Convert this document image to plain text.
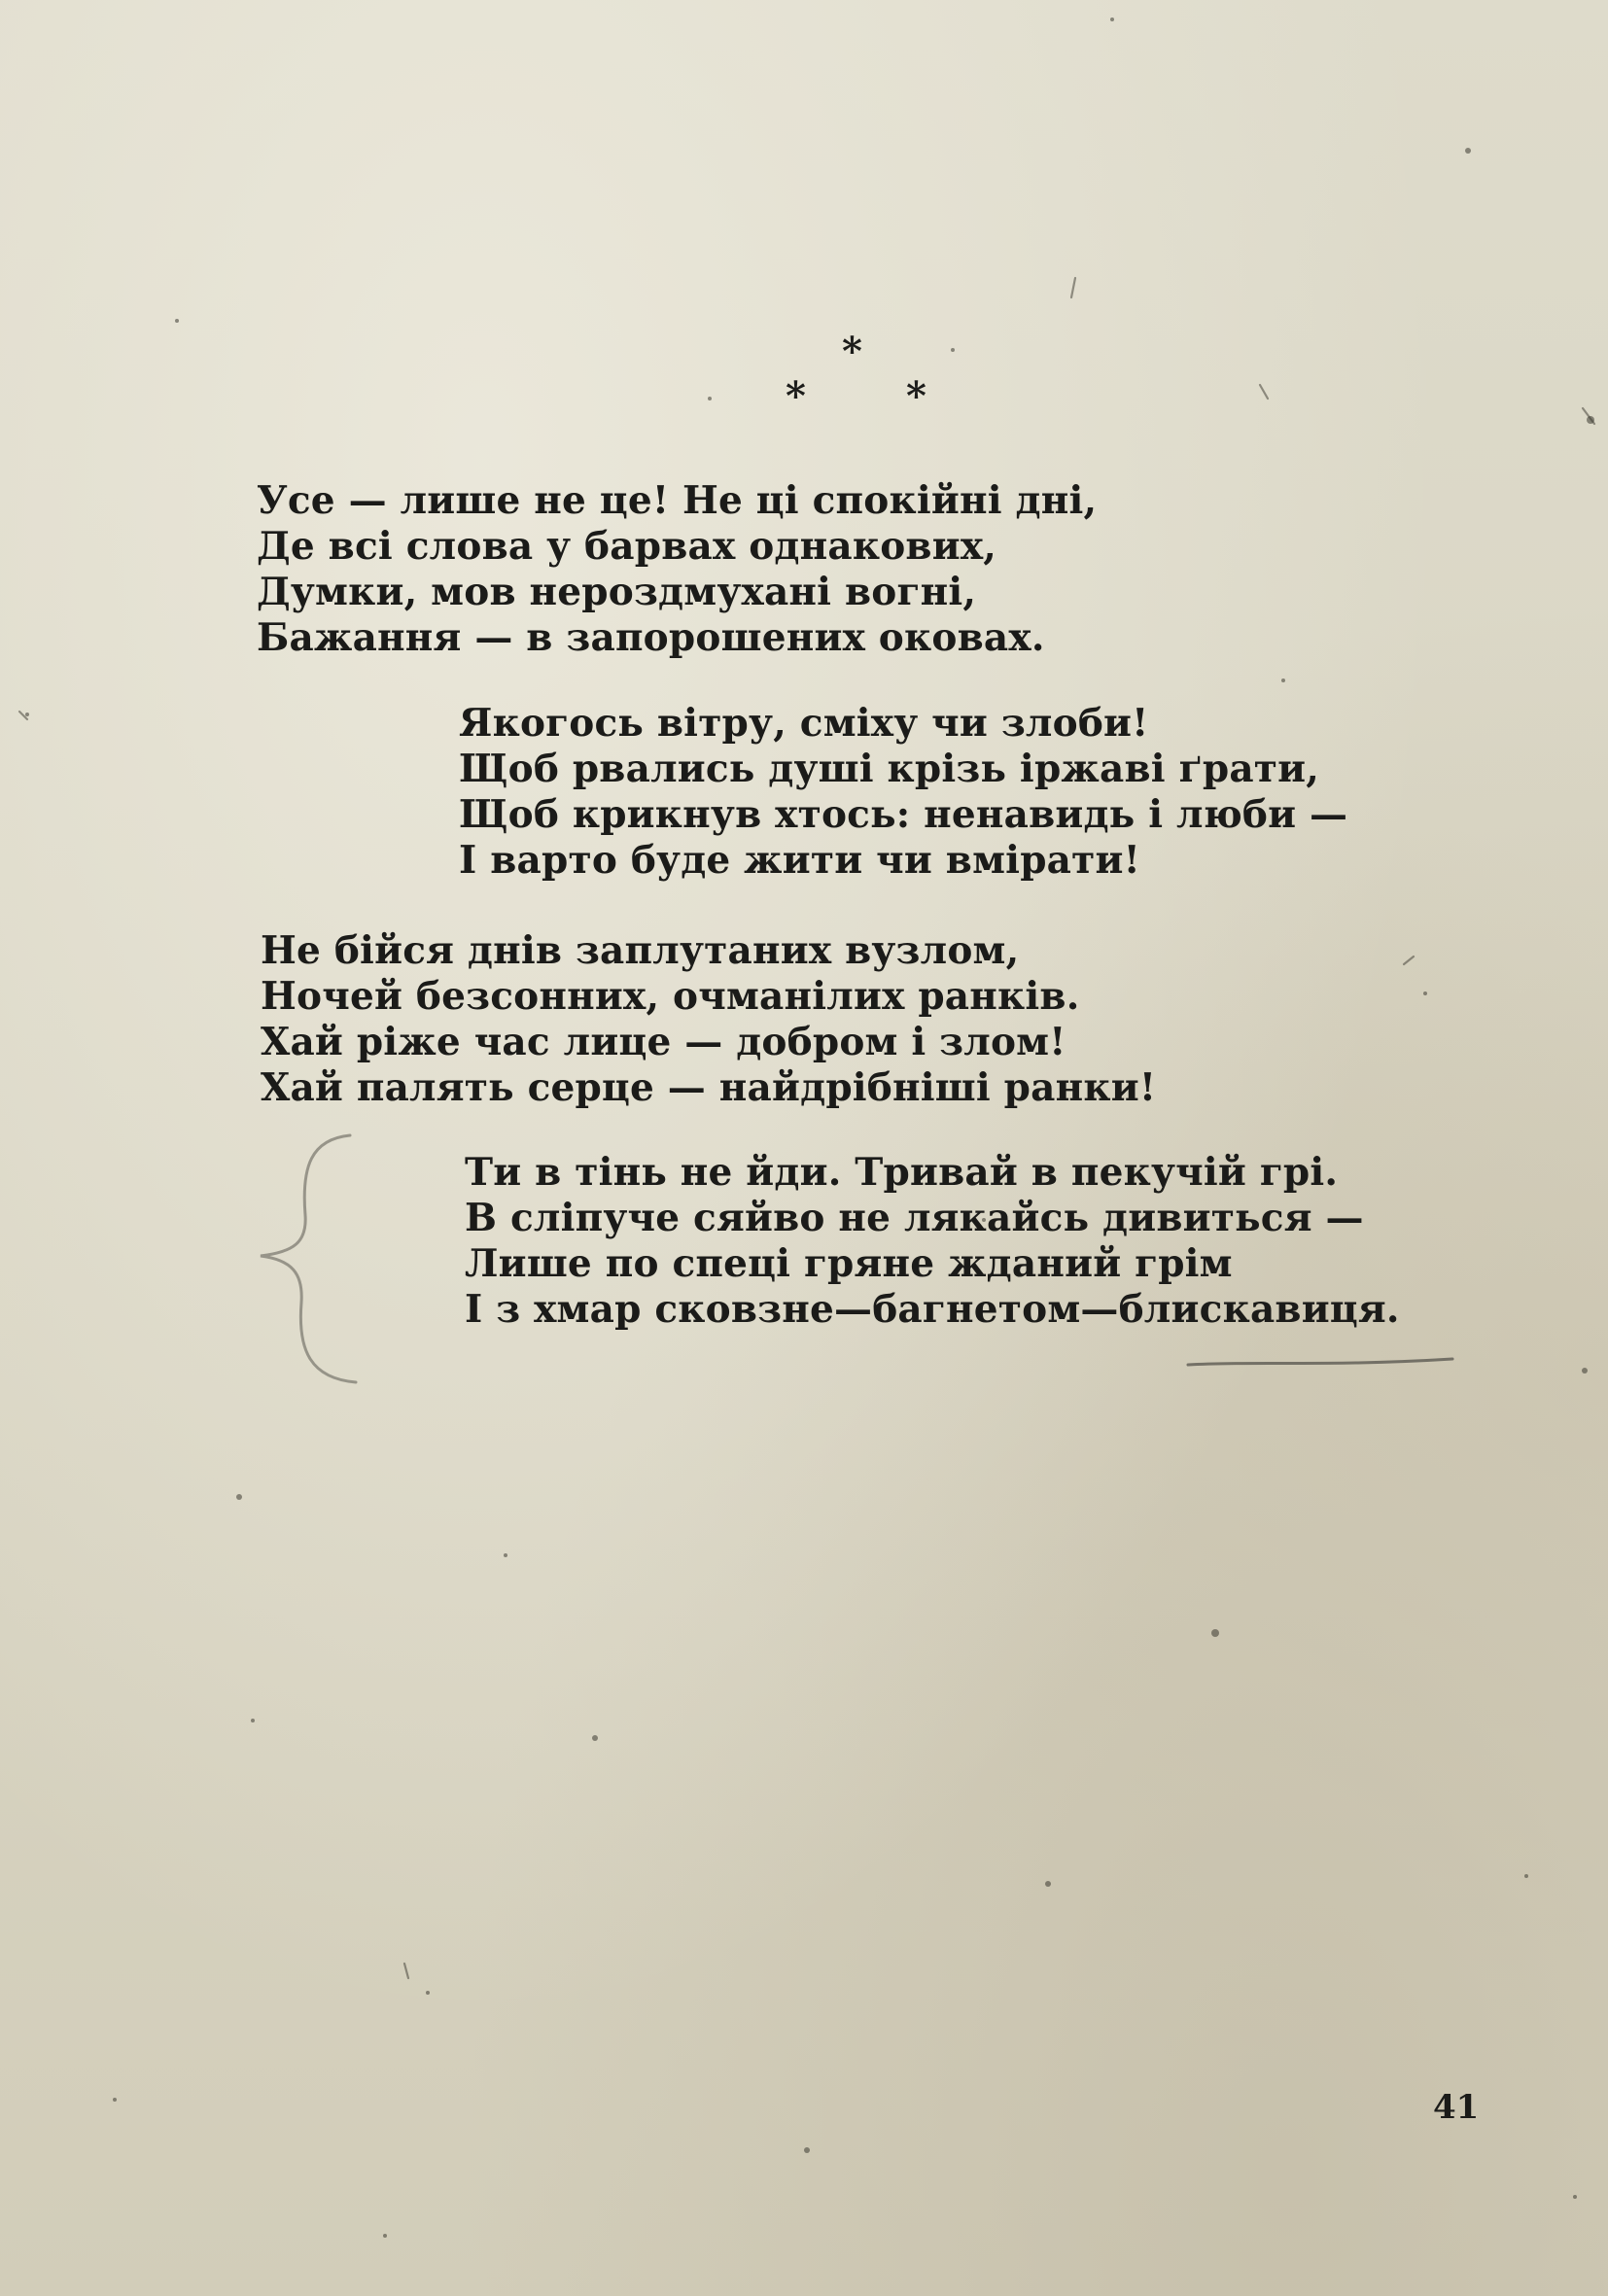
*
*	*
Усе — лише не це! Не ці спокійні дні,
Де всі слова у барвах однакових,
Думки, мов нероздмухані вогні,
Бажання — в запорошених оковах.
Якогось вітру, сміху чи злоби!
Щоб рвались душі крізь іржаві ґрати,
Щоб крикнув хтось: ненавидь і люби —
І варто буде жити чи вмірати!
Не бійся днів заплутаних вузлом,
Ночей безсонних, очманілих ранків.
Хай ріже час лице — добром і злом!
Хай палять серце — найдрібніші ранки!
Ти в тінь не йди. Тривай в пекучій грі.
В сліпуче сяйво не лякайсь дивиться —
Лише по спеці гряне жданий грім
І з хмар сковзне—багнетом—блискавиця.
41
